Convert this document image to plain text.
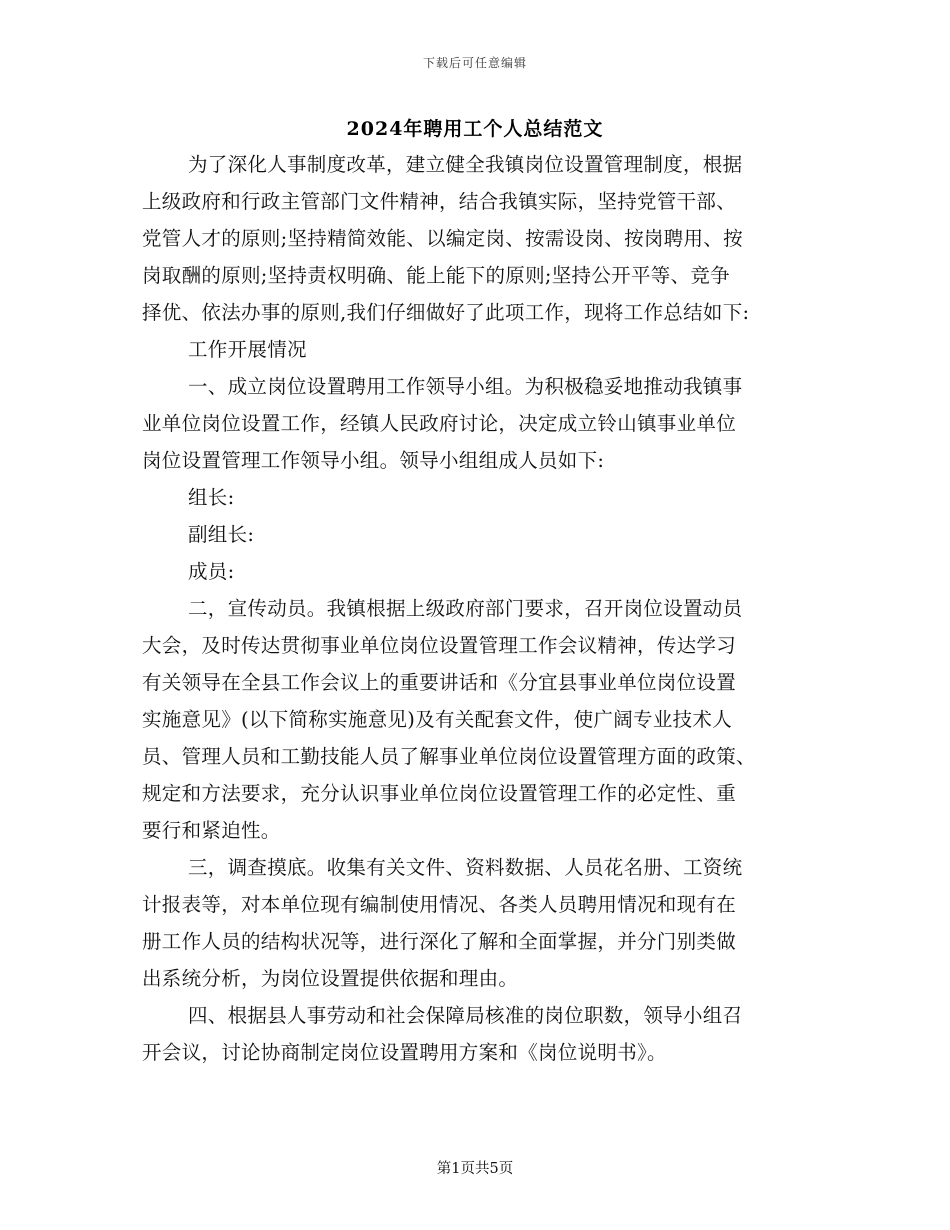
下载后可任意编辑
2024年聘用工个人总结范文

为了深化人事制度改革，建立健全我镇岗位设置管理制度，根据

上级政府和行政主管部门文件精神，结合我镇实际，坚持党管干部、

党管人才的原则;坚持精简效能、以编定岗、按需设岗、按岗聘用、按

岗取酬的原则;坚持责权明确、能上能下的原则;坚持公开平等、竞争

择优、依法办事的原则,我们仔细做好了此项工作，现将工作总结如下:

工作开展情况

一、成立岗位设置聘用工作领导小组。为积极稳妥地推动我镇事

业单位岗位设置工作，经镇人民政府讨论，决定成立铃山镇事业单位

岗位设置管理工作领导小组。领导小组组成人员如下:

组长:

副组长:

成员:

二，宣传动员。我镇根据上级政府部门要求，召开岗位设置动员

大会，及时传达贯彻事业单位岗位设置管理工作会议精神，传达学习

有关领导在全县工作会议上的重要讲话和《分宜县事业单位岗位设置

实施意见》(以下简称实施意见)及有关配套文件，使广阔专业技术人

员、管理人员和工勤技能人员了解事业单位岗位设置管理方面的政策、

规定和方法要求，充分认识事业单位岗位设置管理工作的必定性、重

要行和紧迫性。

三，调查摸底。收集有关文件、资料数据、人员花名册、工资统

计报表等，对本单位现有编制使用情况、各类人员聘用情况和现有在

册工作人员的结构状况等，进行深化了解和全面掌握，并分门别类做

出系统分析，为岗位设置提供依据和理由。

四、根据县人事劳动和社会保障局核准的岗位职数，领导小组召

开会议，讨论协商制定岗位设置聘用方案和《岗位说明书》。

第1页共5页
